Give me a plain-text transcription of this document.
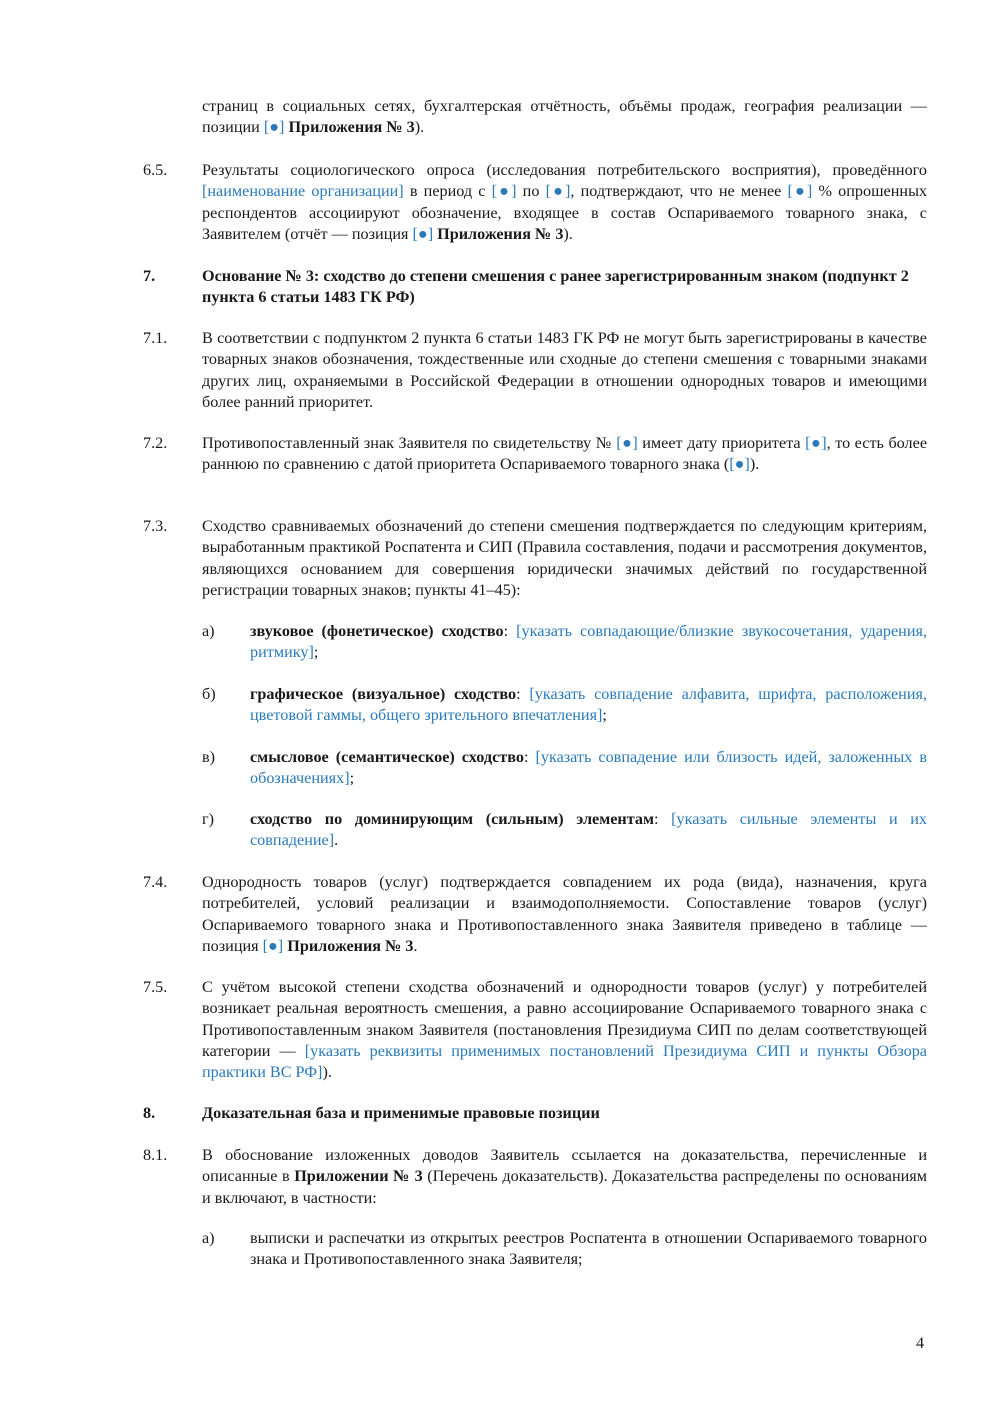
страниц в социальных сетях, бухгалтерская отчётность, объёмы продаж, география реализации — позиции [●] Приложения № 3).
6.5. Результаты социологического опроса (исследования потребительского восприятия), проведённого [наименование организации] в период с [●] по [●], подтверждают, что не менее [●] % опрошенных респондентов ассоциируют обозначение, входящее в состав Оспариваемого товарного знака, с Заявителем (отчёт — позиция [●] Приложения № 3).
7.	Основание № 3: сходство до степени смешения с ранее зарегистрированным знаком (подпункт 2 пункта 6 статьи 1483 ГК РФ)
7.1. В соответствии с подпунктом 2 пункта 6 статьи 1483 ГК РФ не могут быть зарегистрированы в качестве товарных знаков обозначения, тождественные или сходные до степени смешения с товарными знаками других лиц, охраняемыми в Российской Федерации в отношении однородных товаров и имеющими более ранний приоритет.
7.2. Противопоставленный знак Заявителя по свидетельству № [●] имеет дату приоритета [●], то есть более раннюю по сравнению с датой приоритета Оспариваемого товарного знака ([●]).
7.3. Сходство сравниваемых обозначений до степени смешения подтверждается по следующим критериям, выработанным практикой Роспатента и СИП (Правила составления, подачи и рассмотрения документов, являющихся основанием для совершения юридически значимых действий по государственной регистрации товарных знаков; пункты 41–45):
а) звуковое (фонетическое) сходство: [указать совпадающие/близкие звукосочетания, ударения, ритмику];
б) графическое (визуальное) сходство: [указать совпадение алфавита, шрифта, расположения, цветовой гаммы, общего зрительного впечатления];
в) смысловое (семантическое) сходство: [указать совпадение или близость идей, заложенных в обозначениях];
г) сходство по доминирующим (сильным) элементам: [указать сильные элементы и их совпадение].
7.4. Однородность товаров (услуг) подтверждается совпадением их рода (вида), назначения, круга потребителей, условий реализации и взаимодополняемости. Сопоставление товаров (услуг) Оспариваемого товарного знака и Противопоставленного знака Заявителя приведено в таблице — позиция [●] Приложения № 3.
7.5. С учётом высокой степени сходства обозначений и однородности товаров (услуг) у потребителей возникает реальная вероятность смешения, а равно ассоциирование Оспариваемого товарного знака с Противопоставленным знаком Заявителя (постановления Президиума СИП по делам соответствующей категории — [указать реквизиты применимых постановлений Президиума СИП и пункты Обзора практики ВС РФ]).
8.	Доказательная база и применимые правовые позиции
8.1. В обоснование изложенных доводов Заявитель ссылается на доказательства, перечисленные и описанные в Приложении № 3 (Перечень доказательств). Доказательства распределены по основаниям и включают, в частности:
а) выписки и распечатки из открытых реестров Роспатента в отношении Оспариваемого товарного знака и Противопоставленного знака Заявителя;
4
